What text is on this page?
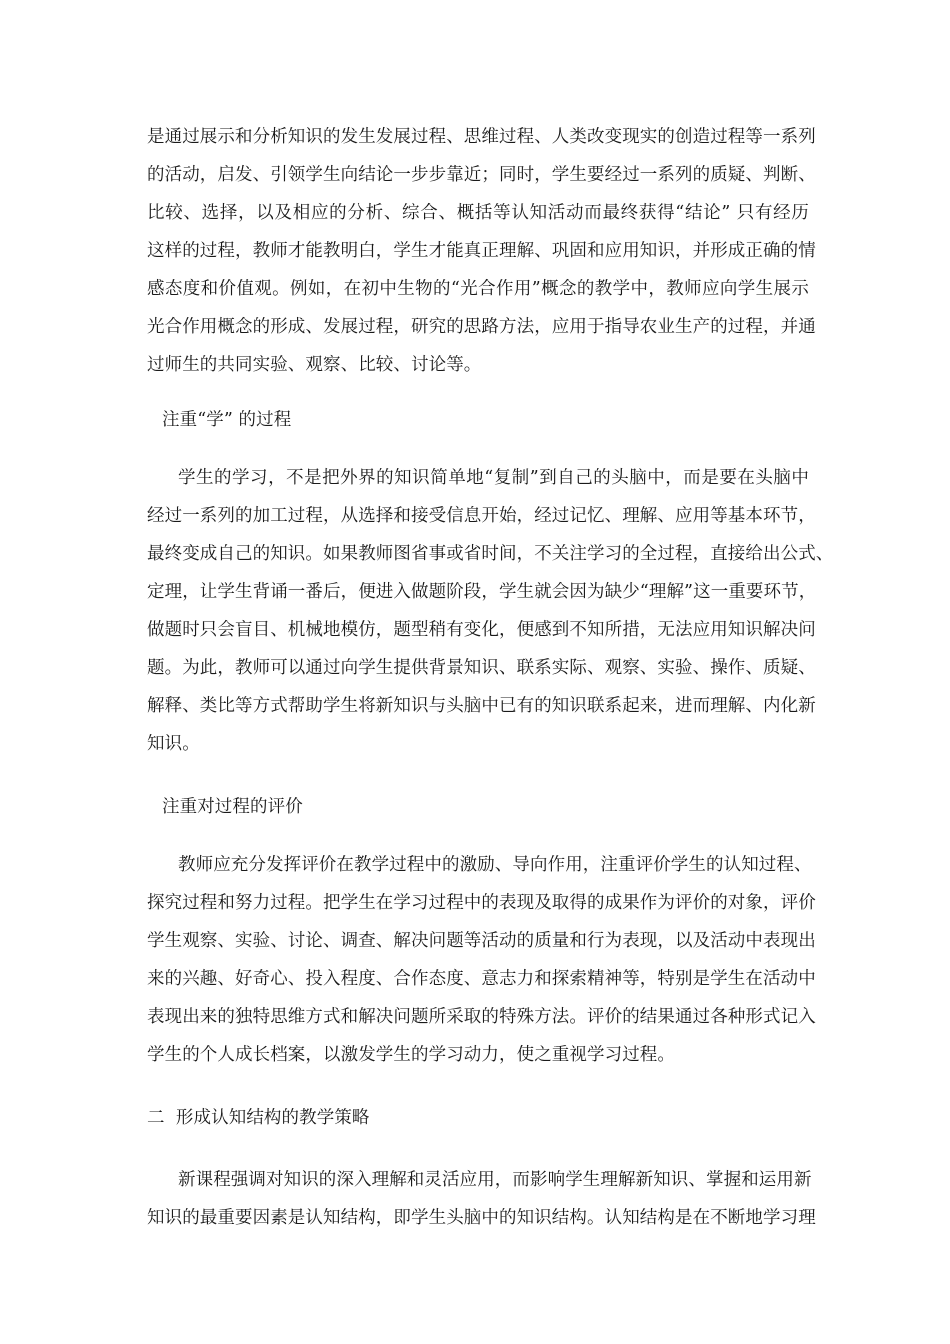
是通过展示和分析知识的发生发展过程、思维过程、人类改变现实的创造过程等一系列
的活动，启发、引领学生向结论一步步靠近；同时，学生要经过一系列的质疑、判断、
比较、选择，以及相应的分析、综合、概括等认知活动而最终获得“结论” 只有经历
这样的过程，教师才能教明白，学生才能真正理解、巩固和应用知识，并形成正确的情
感态度和价值观。例如，在初中生物的“光合作用”概念的教学中，教师应向学生展示
光合作用概念的形成、发展过程，研究的思路方法，应用于指导农业生产的过程，并通
过师生的共同实验、观察、比较、讨论等。
注重“学” 的过程
学生的学习，不是把外界的知识简单地“复制”到自己的头脑中，而是要在头脑中
经过一系列的加工过程，从选择和接受信息开始，经过记忆、理解、应用等基本环节，
最终变成自己的知识。如果教师图省事或省时间，不关注学习的全过程，直接给出公式、
定理，让学生背诵一番后，便进入做题阶段，学生就会因为缺少“理解”这一重要环节，
做题时只会盲目、机械地模仿，题型稍有变化，便感到不知所措，无法应用知识解决问
题。为此，教师可以通过向学生提供背景知识、联系实际、观察、实验、操作、质疑、
解释、类比等方式帮助学生将新知识与头脑中已有的知识联系起来，进而理解、内化新
知识。
注重对过程的评价
教师应充分发挥评价在教学过程中的激励、导向作用，注重评价学生的认知过程、
探究过程和努力过程。把学生在学习过程中的表现及取得的成果作为评价的对象，评价
学生观察、实验、讨论、调查、解决问题等活动的质量和行为表现，以及活动中表现出
来的兴趣、好奇心、投入程度、合作态度、意志力和探索精神等，特别是学生在活动中
表现出来的独特思维方式和解决问题所采取的特殊方法。评价的结果通过各种形式记入
学生的个人成长档案，以激发学生的学习动力，使之重视学习过程。
二  形成认知结构的教学策略
新课程强调对知识的深入理解和灵活应用，而影响学生理解新知识、掌握和运用新
知识的最重要因素是认知结构，即学生头脑中的知识结构。认知结构是在不断地学习理
